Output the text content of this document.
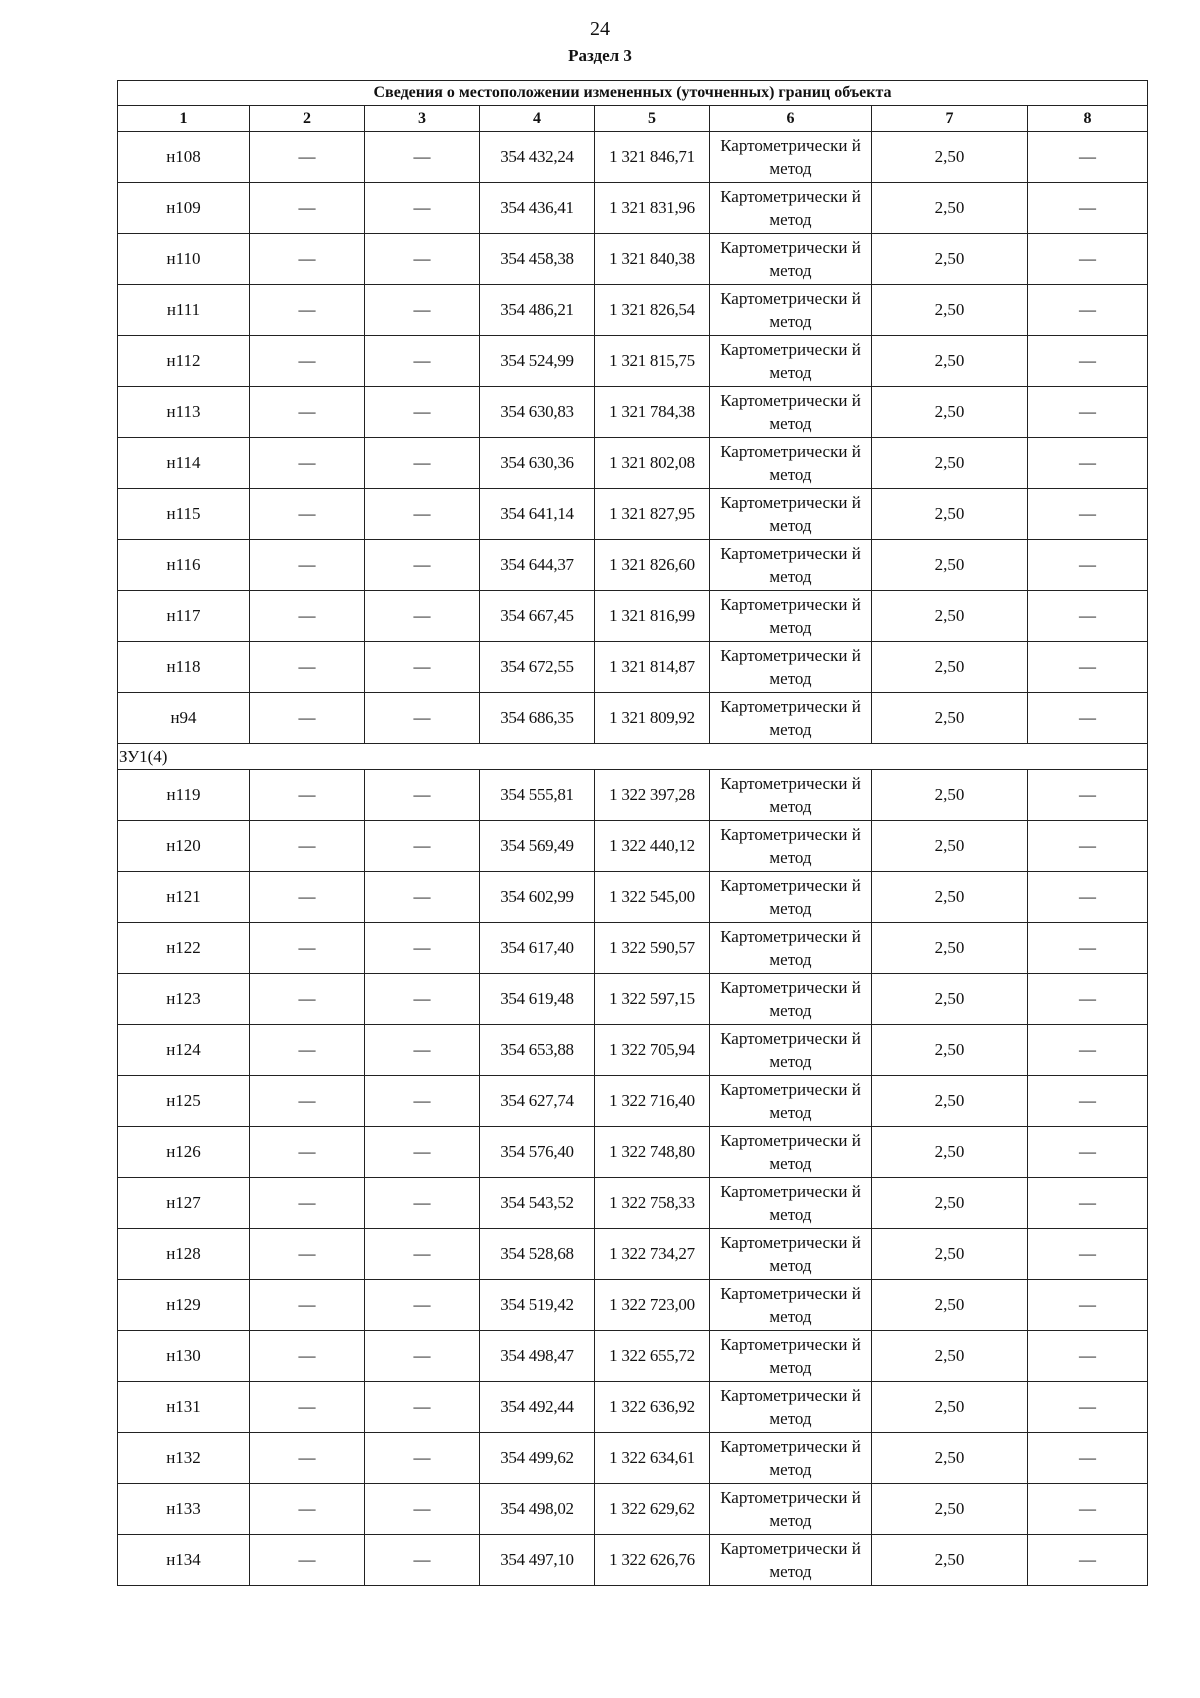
24
Раздел 3
Сведения о местоположении измененных (уточненных) границ объекта							
1	2	3	4	5	6	7	8
н108	—	—	354 432,24	1 321 846,71	Картометрически й метод	2,50	—
н109	—	—	354 436,41	1 321 831,96	Картометрически й метод	2,50	—
н110	—	—	354 458,38	1 321 840,38	Картометрически й метод	2,50	—
н111	—	—	354 486,21	1 321 826,54	Картометрически й метод	2,50	—
н112	—	—	354 524,99	1 321 815,75	Картометрически й метод	2,50	—
н113	—	—	354 630,83	1 321 784,38	Картометрически й метод	2,50	—
н114	—	—	354 630,36	1 321 802,08	Картометрически й метод	2,50	—
н115	—	—	354 641,14	1 321 827,95	Картометрически й метод	2,50	—
н116	—	—	354 644,37	1 321 826,60	Картометрически й метод	2,50	—
н117	—	—	354 667,45	1 321 816,99	Картометрически й метод	2,50	—
н118	—	—	354 672,55	1 321 814,87	Картометрически й метод	2,50	—
н94	—	—	354 686,35	1 321 809,92	Картометрически й метод	2,50	—
ЗУ1(4)							
н119	—	—	354 555,81	1 322 397,28	Картометрически й метод	2,50	—
н120	—	—	354 569,49	1 322 440,12	Картометрически й метод	2,50	—
н121	—	—	354 602,99	1 322 545,00	Картометрически й метод	2,50	—
н122	—	—	354 617,40	1 322 590,57	Картометрически й метод	2,50	—
н123	—	—	354 619,48	1 322 597,15	Картометрически й метод	2,50	—
н124	—	—	354 653,88	1 322 705,94	Картометрически й метод	2,50	—
н125	—	—	354 627,74	1 322 716,40	Картометрически й метод	2,50	—
н126	—	—	354 576,40	1 322 748,80	Картометрически й метод	2,50	—
н127	—	—	354 543,52	1 322 758,33	Картометрически й метод	2,50	—
н128	—	—	354 528,68	1 322 734,27	Картометрически й метод	2,50	—
н129	—	—	354 519,42	1 322 723,00	Картометрически й метод	2,50	—
н130	—	—	354 498,47	1 322 655,72	Картометрически й метод	2,50	—
н131	—	—	354 492,44	1 322 636,92	Картометрически й метод	2,50	—
н132	—	—	354 499,62	1 322 634,61	Картометрически й метод	2,50	—
н133	—	—	354 498,02	1 322 629,62	Картометрически й метод	2,50	—
н134	—	—	354 497,10	1 322 626,76	Картометрически й метод	2,50	—
